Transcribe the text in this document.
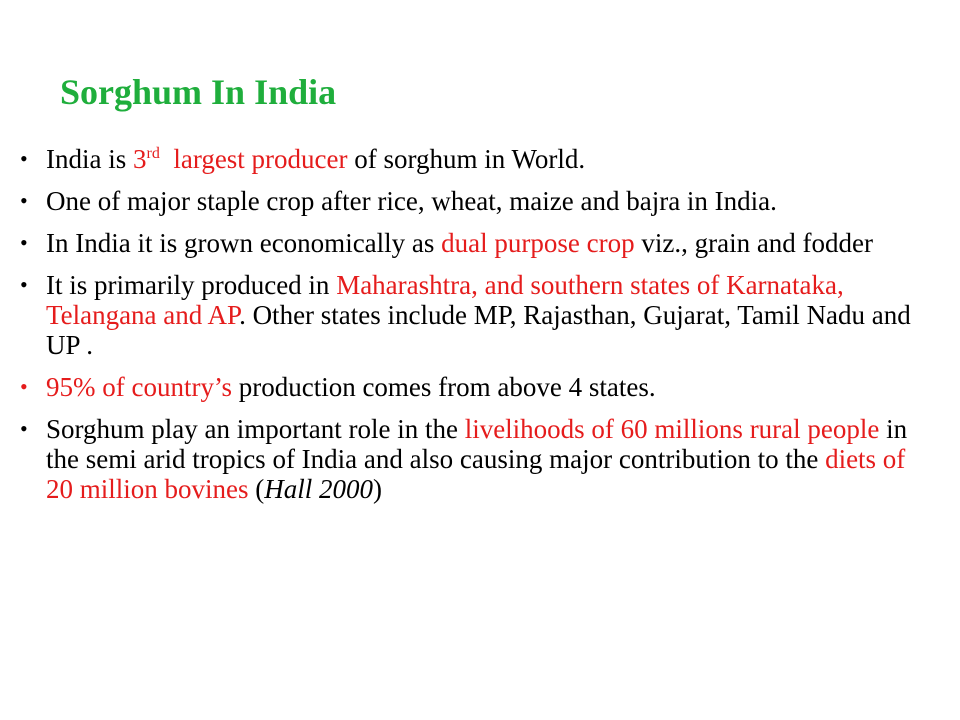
Sorghum In India
• India is 3rd largest producer of sorghum in World.
• One of major staple crop after rice, wheat, maize and bajra in India.
• In India it is grown economically as dual purpose crop viz., grain and fodder
• It is primarily produced in Maharashtra, and southern states of Karnataka, Telangana and AP. Other states include MP, Rajasthan, Gujarat, Tamil Nadu and UP .
• 95% of country’s production comes from above 4 states.
• Sorghum play an important role in the livelihoods of 60 millions rural people in the semi arid tropics of India and also causing major contribution to the diets of 20 million bovines (Hall 2000)
